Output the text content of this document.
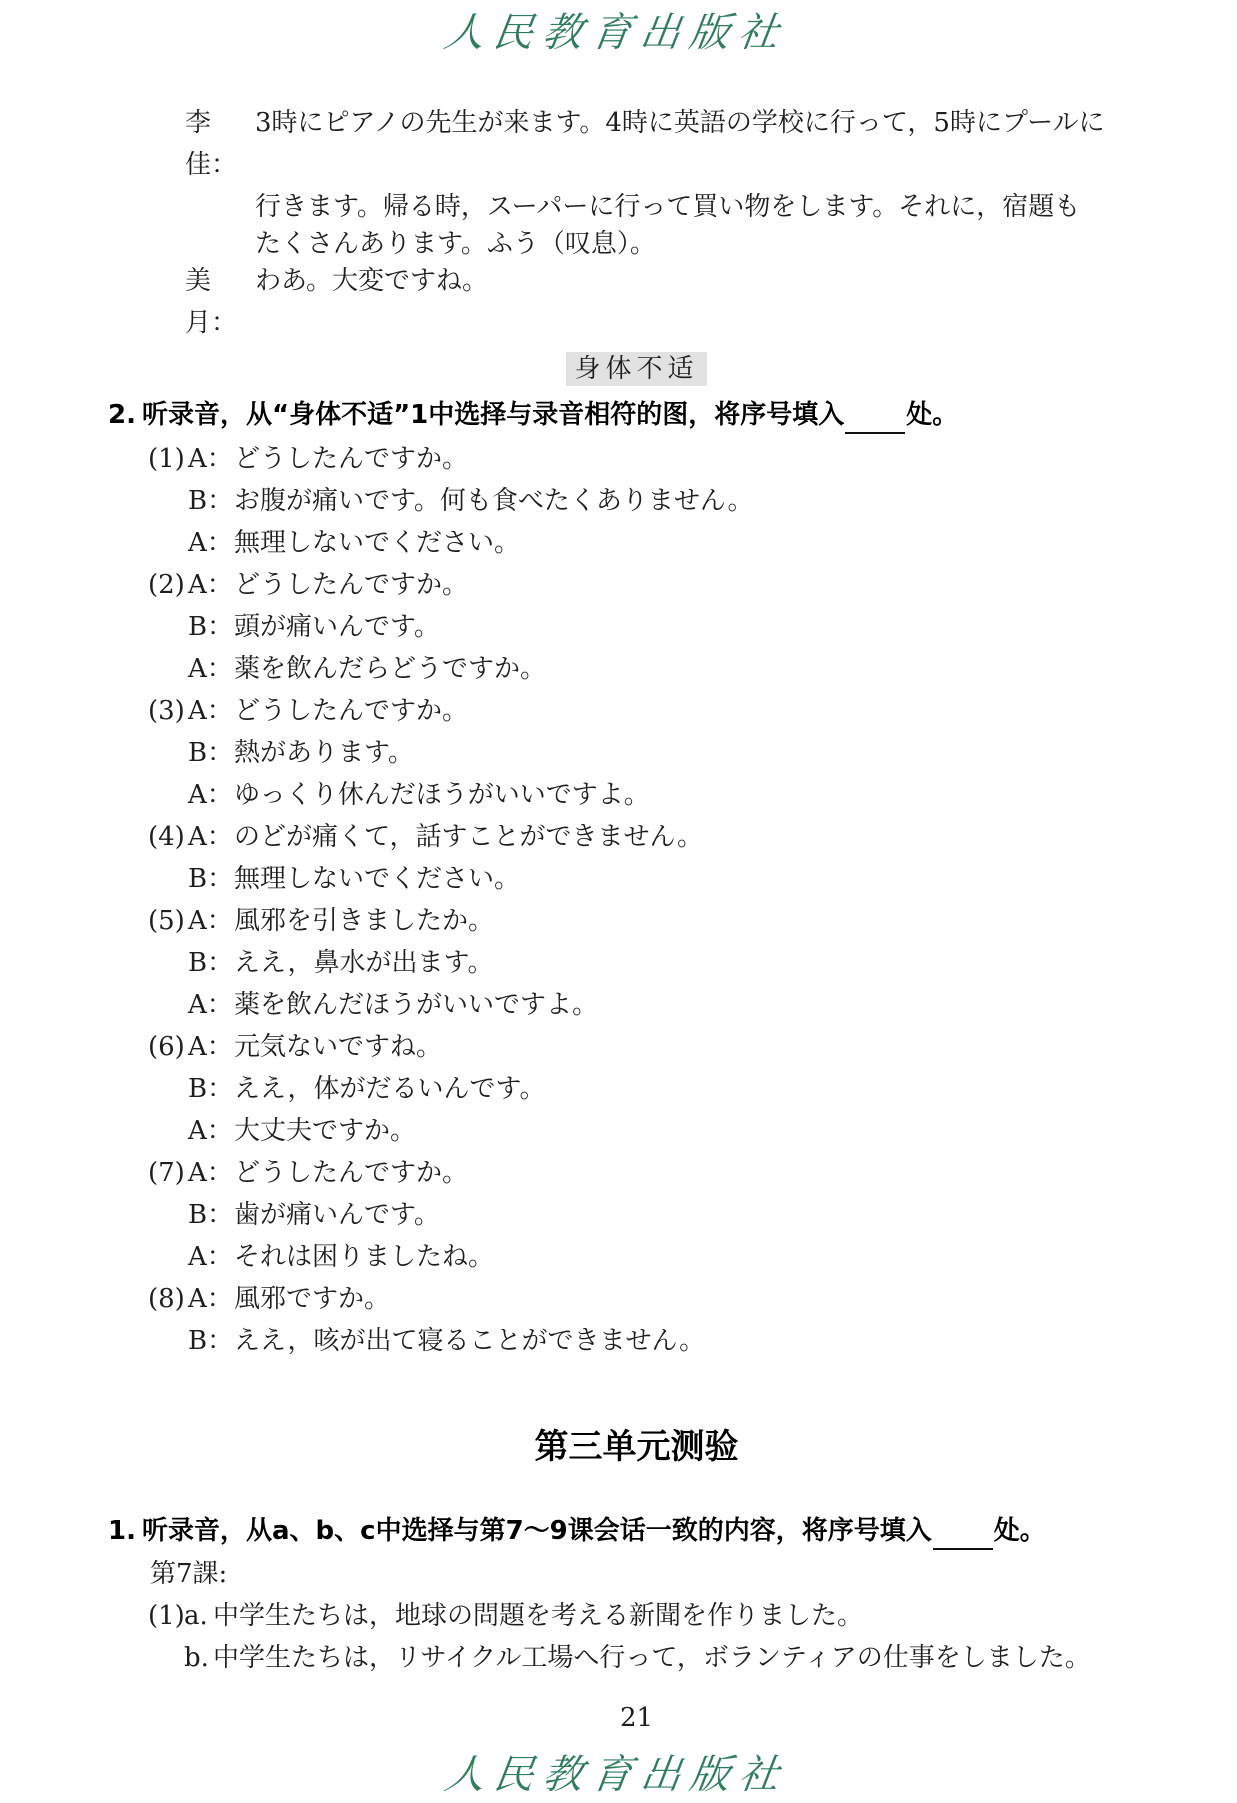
人民教育出版社
李佳：
3時にピアノの先生が来ます。4時に英語の学校に行って，5時にプールに
行きます。帰る時，スーパーに行って買い物をします。それに，宿題も
たくさんあります。ふう（叹息）。
美月：
わあ。大変ですね。
身体不适
2. 听录音，从“身体不适”1中选择与录音相符的图，将序号填入 处。
(1) A： どうしたんですか。
B： お腹が痛いです。何も食べたくありません。
A： 無理しないでください。
(2) A： どうしたんですか。
B： 頭が痛いんです。
A： 薬を飲んだらどうですか。
(3) A： どうしたんですか。
B： 熱があります。
A： ゆっくり休んだほうがいいですよ。
(4) A： のどが痛くて，話すことができません。
B： 無理しないでください。
(5) A： 風邪を引きましたか。
B： ええ，鼻水が出ます。
A： 薬を飲んだほうがいいですよ。
(6) A： 元気ないですね。
B： ええ，体がだるいんです。
A： 大丈夫ですか。
(7) A： どうしたんですか。
B： 歯が痛いんです。
A： それは困りましたね。
(8) A： 風邪ですか。
B： ええ，咳が出て寝ることができません。
第三单元测验
1. 听录音，从a、b、c中选择与第7～9课会话一致的内容，将序号填入 处。
第7課:
(1) a. 中学生たちは，地球の問題を考える新聞を作りました。
b. 中学生たちは，リサイクル工場へ行って，ボランティアの仕事をしました。
21
人民教育出版社
